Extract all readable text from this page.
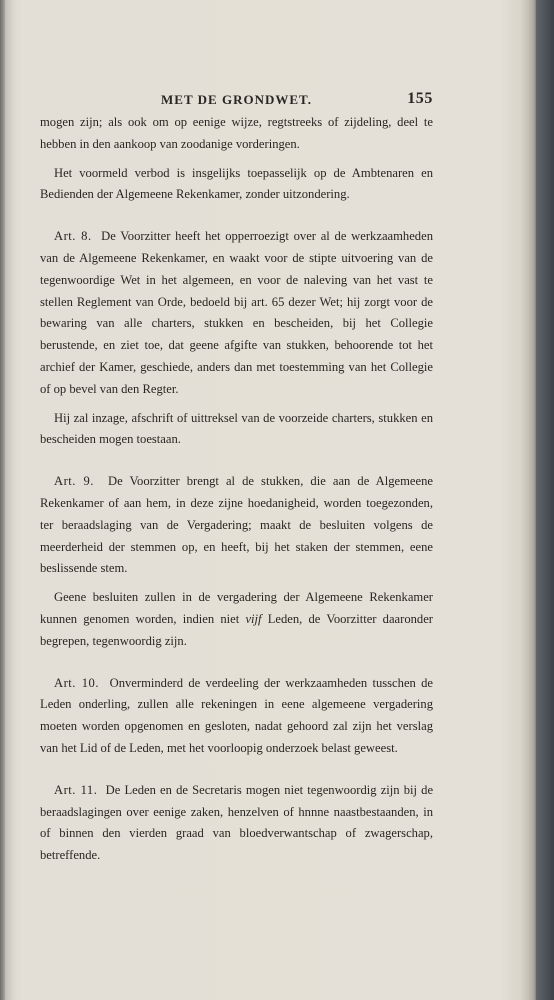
MET DE GRONDWET.	155

mogen zijn; als ook om op eenige wijze, regtstreeks of zijdeling, deel te hebben in den aankoop van zoodanige vorderingen.

Het voormeld verbod is insgelijks toepasselijk op de Ambtenaren en Bedienden der Algemeene Rekenkamer, zonder uitzondering.

Art. 8. De Voorzitter heeft het opperroezigt over al de werkzaamheden van de Algemeene Rekenkamer, en waakt voor de stipte uitvoering van de tegenwoordige Wet in het algemeen, en voor de naleving van het vast te stellen Reglement van Orde, bedoeld bij art. 65 dezer Wet; hij zorgt voor de bewaring van alle charters, stukken en bescheiden, bij het Collegie berustende, en ziet toe, dat geene afgifte van stukken, behoorende tot het archief der Kamer, geschiede, anders dan met toestemming van het Collegie of op bevel van den Regter.

Hij zal inzage, afschrift of uittreksel van de voorzeide charters, stukken en bescheiden mogen toestaan.

Art. 9. De Voorzitter brengt al de stukken, die aan de Algemeene Rekenkamer of aan hem, in deze zijne hoedanigheid, worden toegezonden, ter beraadslaging van de Vergadering; maakt de besluiten volgens de meerderheid der stemmen op, en heeft, bij het staken der stemmen, eene beslissende stem.

Geene besluiten zullen in de vergadering der Algemeene Rekenkamer kunnen genomen worden, indien niet vijf Leden, de Voorzitter daaronder begrepen, tegenwoordig zijn.

Art. 10. Onverminderd de verdeeling der werkzaamheden tusschen de Leden onderling, zullen alle rekeningen in eene algemeene vergadering moeten worden opgenomen en gesloten, nadat gehoord zal zijn het verslag van het Lid of de Leden, met het voorloopig onderzoek belast geweest.

Art. 11. De Leden en de Secretaris mogen niet tegenwoordig zijn bij de beraadslagingen over eenige zaken, henzelven of hnnne naastbestaanden, in of binnen den vierden graad van bloedverwantschap of zwagerschap, betreffende.
